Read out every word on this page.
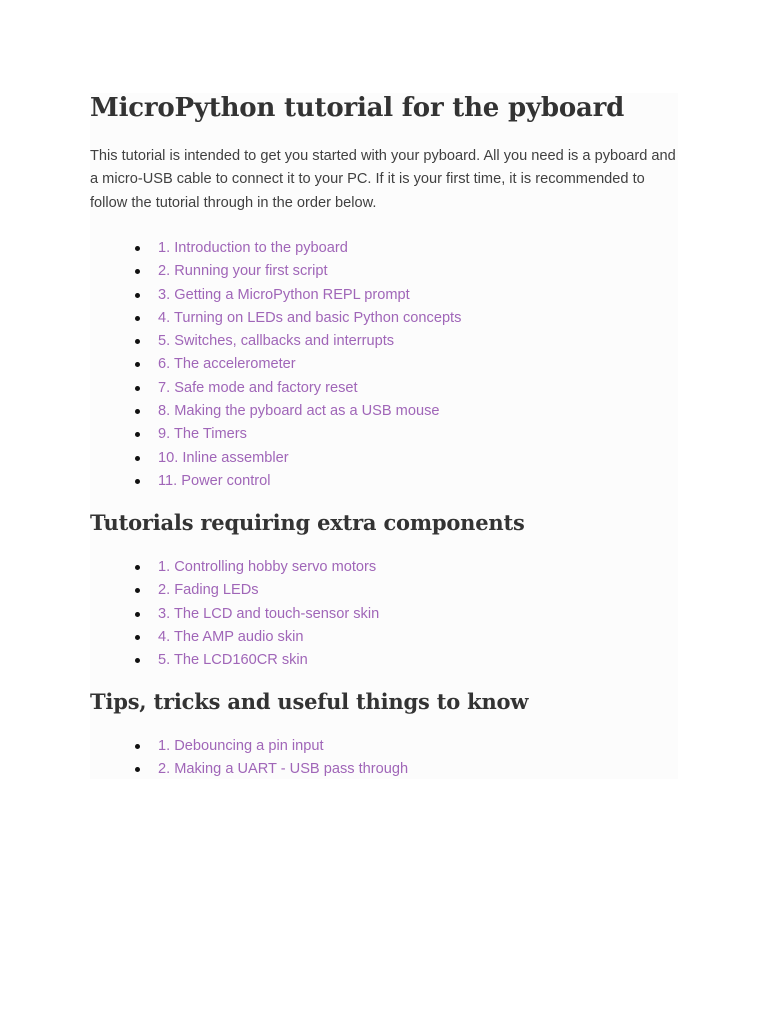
MicroPython tutorial for the pyboard

This tutorial is intended to get you started with your pyboard. All you need is a pyboard and a micro-USB cable to connect it to your PC. If it is your first time, it is recommended to follow the tutorial through in the order below.

1. Introduction to the pyboard
2. Running your first script
3. Getting a MicroPython REPL prompt
4. Turning on LEDs and basic Python concepts
5. Switches, callbacks and interrupts
6. The accelerometer
7. Safe mode and factory reset
8. Making the pyboard act as a USB mouse
9. The Timers
10. Inline assembler
11. Power control
Tutorials requiring extra components
1. Controlling hobby servo motors
2. Fading LEDs
3. The LCD and touch-sensor skin
4. The AMP audio skin
5. The LCD160CR skin
Tips, tricks and useful things to know
1. Debouncing a pin input
2. Making a UART - USB pass through
